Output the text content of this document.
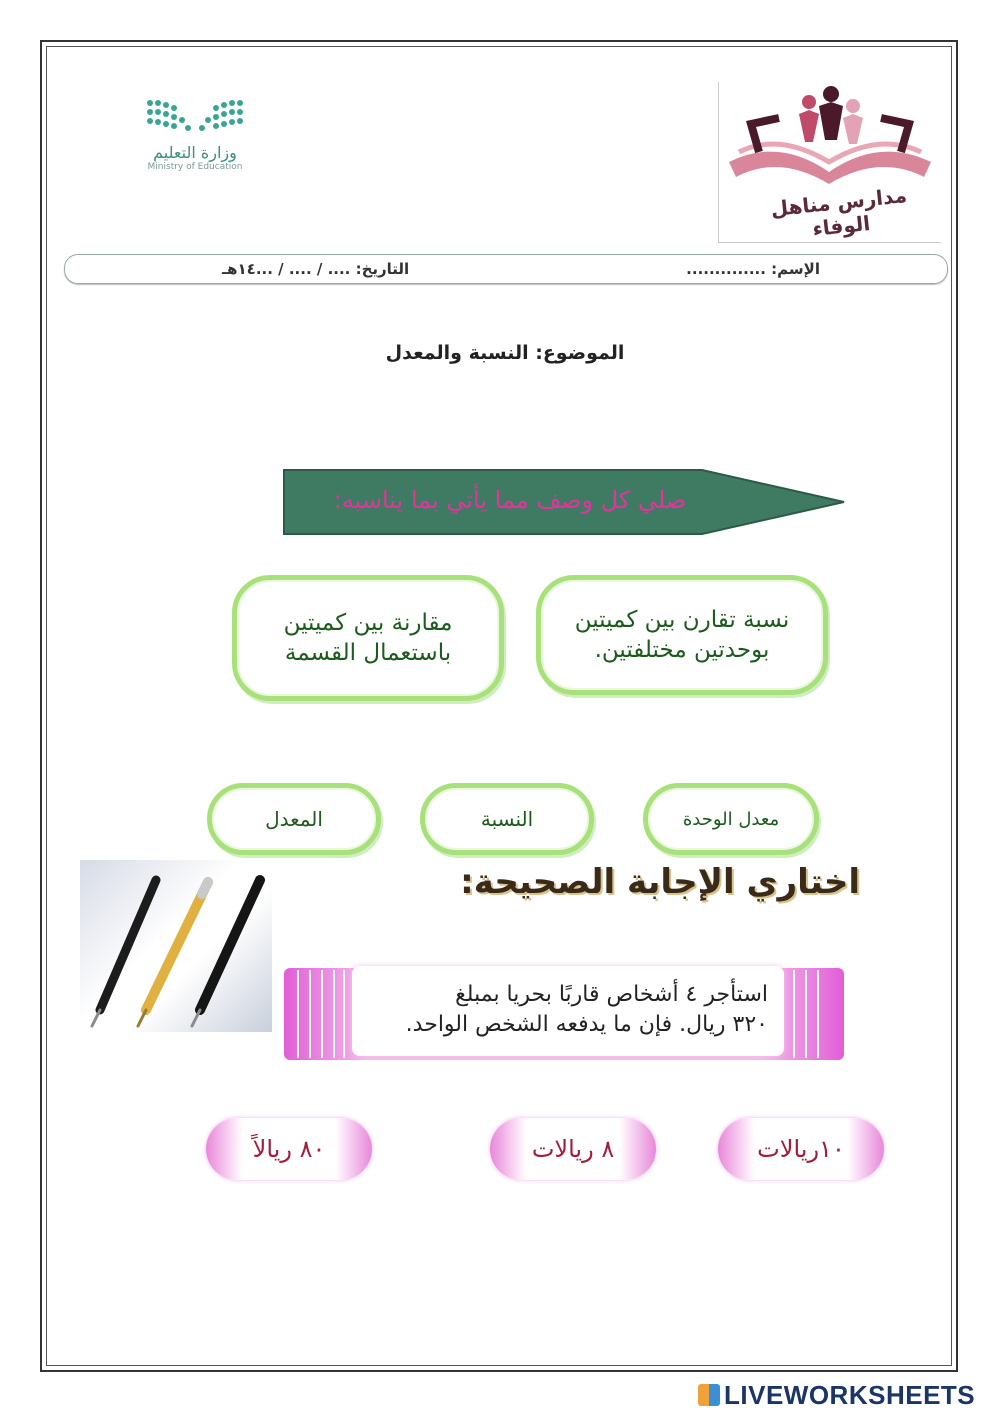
وزارة التعليم
Ministry of Education
مدارس مناهل الوفاء
الإسم: ..............
التاريخ: .... / .... / ...١٤هـ
الموضوع: النسبة والمعدل
صلي كل وصف مما يأتي بما يناسبه:
نسبة تقارن بين كميتين بوحدتين مختلفتين.
مقارنة بين كميتين باستعمال القسمة
معدل الوحدة
النسبة
المعدل
اختاري الإجابة الصحيحة:
استأجر ٤ أشخاص قاربًا بحريا بمبلغ
٣٢٠ ريال. فإن ما يدفعه الشخص الواحد.
١٠ريالات
٨ ريالات
٨٠ ريالاً
LIVEWORKSHEETS
